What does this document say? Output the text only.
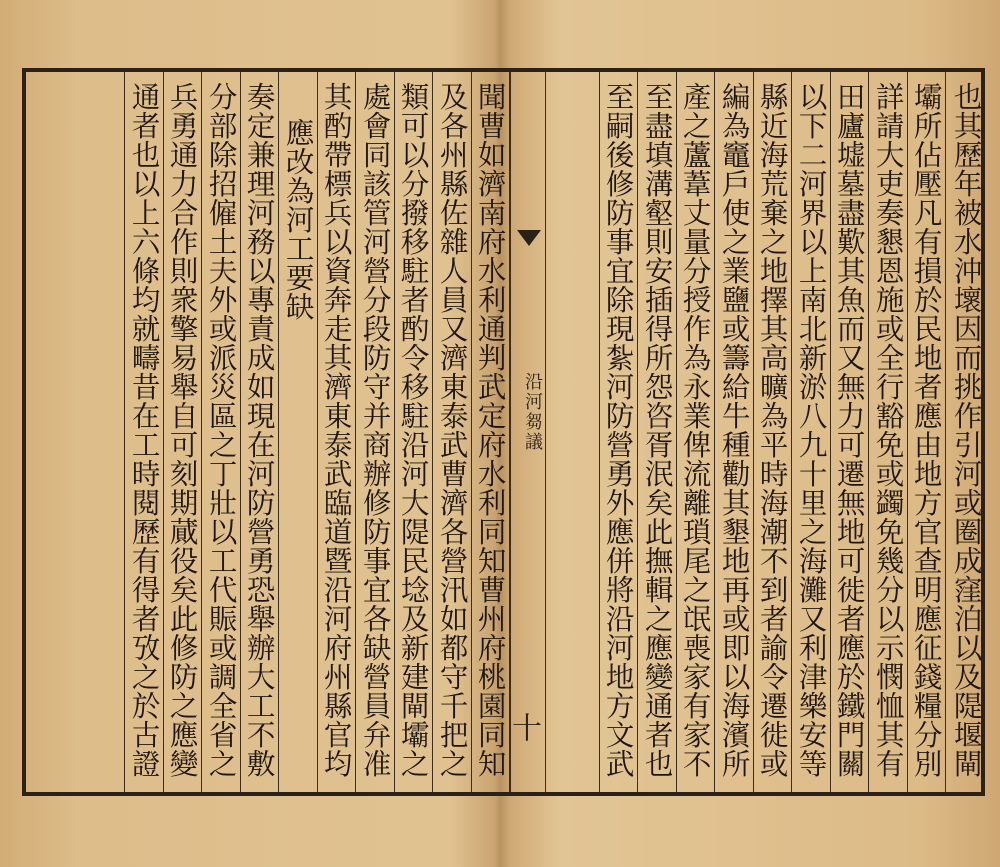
也其歷年被水沖壞因而挑作引河或圈成窪泊以及隄堰閘
壩所佔壓凡有損於民地者應由地方官查明應征錢糧分別
詳請大吏奏懇恩施或全行豁免或蠲免幾分以示憫恤其有
田廬墟墓盡歎其魚而又無力可遷無地可徙者應於鐵門關
以下二河界以上南北新淤八九十里之海灘又利津樂安等
縣近海荒棄之地擇其高曠為平時海潮不到者諭令遷徙或
編為竈戶使之業鹽或籌給牛種勸其墾地再或即以海濱所
產之蘆葦丈量分授作為永業俾流離瑣尾之氓喪家有家不
至盡填溝壑則安插得所怨咨胥泯矣此撫輯之應變通者也
至嗣後修防事宜除現紮河防營勇外應併將沿河地方文武
沿河芻議
十
聞曹如濟南府水利通判武定府水利同知曹州府桃園同知
及各州縣佐雜人員又濟東泰武曹濟各營汛如都守千把之
類可以分撥移駐者酌令移駐沿河大隄民埝及新建閘壩之
處會同該管河營分段防守并商辦修防事宜各缺營員弁准
其酌帶標兵以資奔走其濟東泰武臨道暨沿河府州縣官均
應改為河工要缺
奏定兼理河務以專責成如現在河防營勇恐舉辦大工不敷
分部除招僱土夫外或派災區之丁壯以工代賑或調全省之
兵勇通力合作則衆擎易舉自可刻期蕆役矣此修防之應變
通者也以上六條均就疇昔在工時閱歷有得者攷之於古證
